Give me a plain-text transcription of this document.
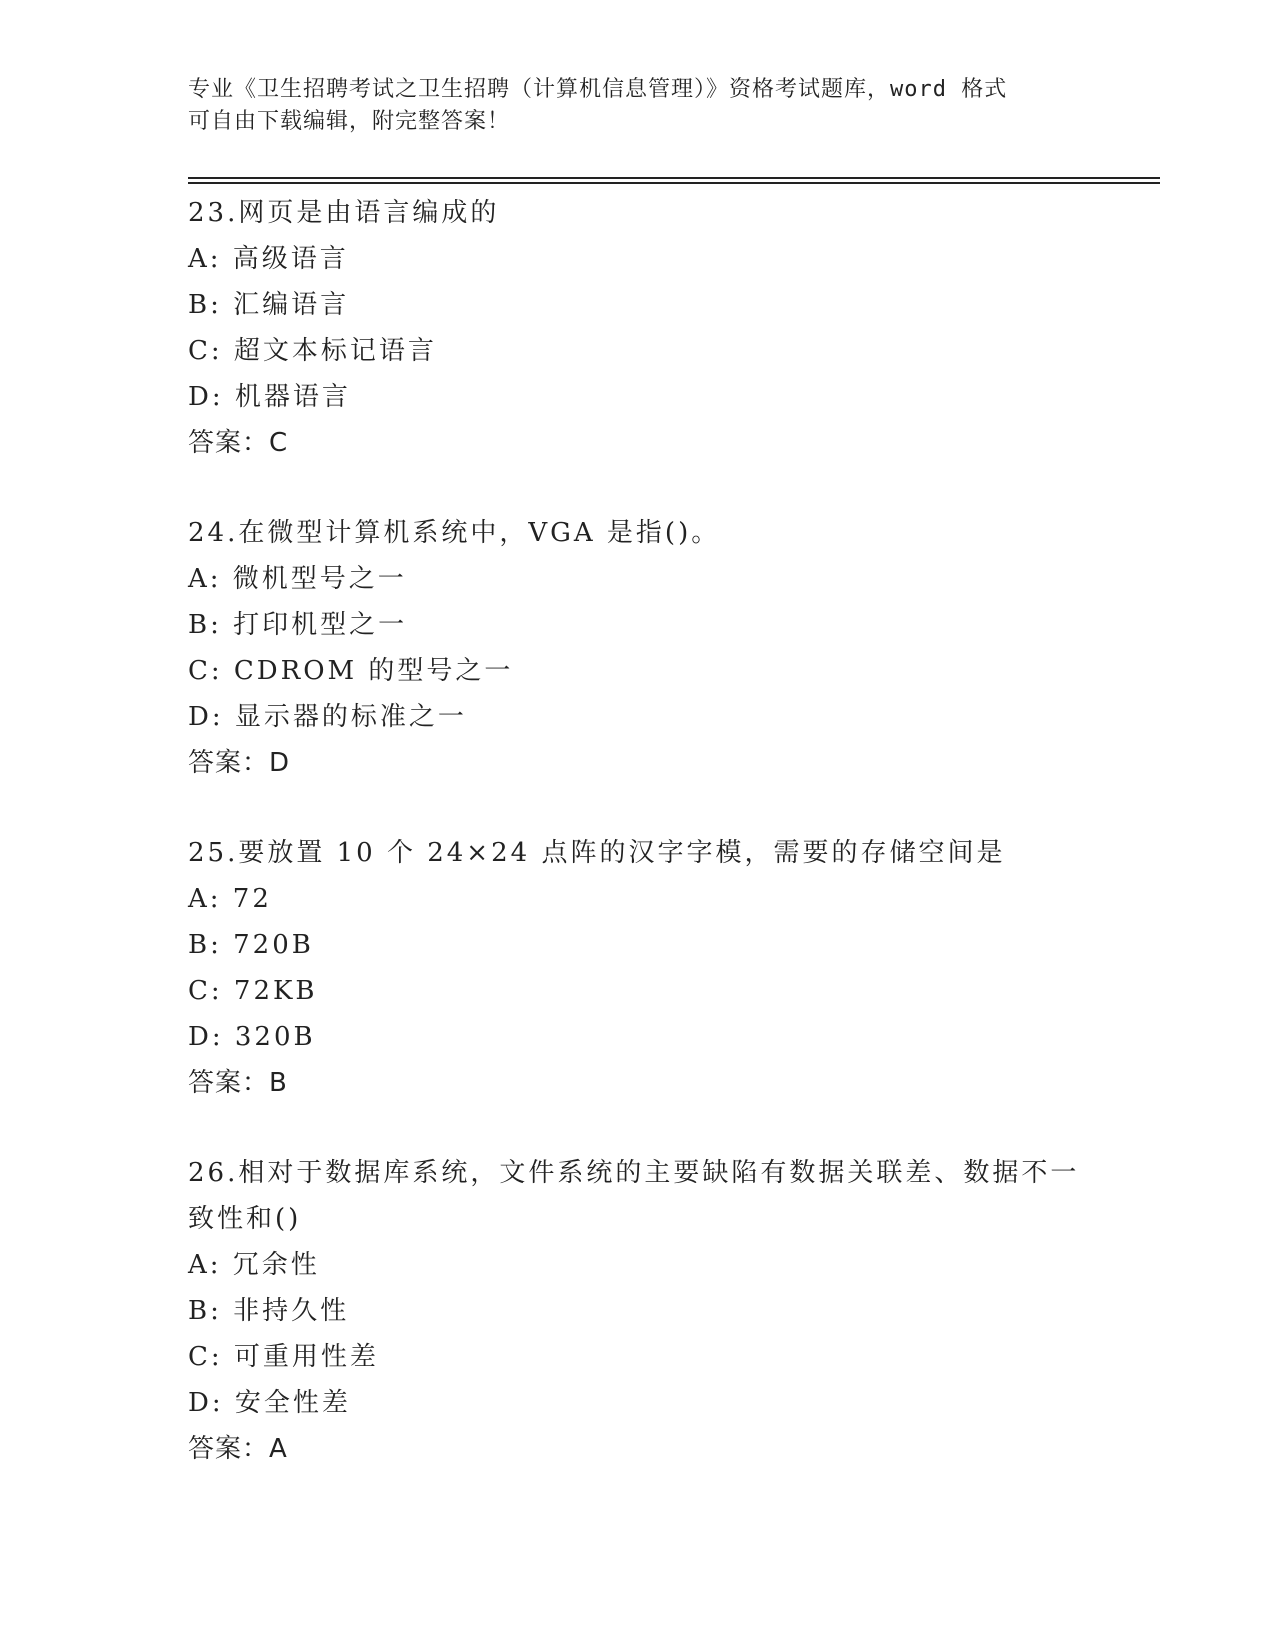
专业《卫生招聘考试之卫生招聘（计算机信息管理）》资格考试题库，word 格式
可自由下载编辑，附完整答案！
23.网页是由语言编成的
A: 高级语言
B: 汇编语言
C: 超文本标记语言
D: 机器语言
答案：C
24.在微型计算机系统中，VGA 是指()。
A: 微机型号之一
B: 打印机型之一
C: CDROM 的型号之一
D: 显示器的标准之一
答案：D
25.要放置 10 个 24×24 点阵的汉字字模，需要的存储空间是
A: 72
B: 720B
C: 72KB
D: 320B
答案：B
26.相对于数据库系统，文件系统的主要缺陷有数据关联差、数据不一
致性和()
A: 冗余性
B: 非持久性
C: 可重用性差
D: 安全性差
答案：A
